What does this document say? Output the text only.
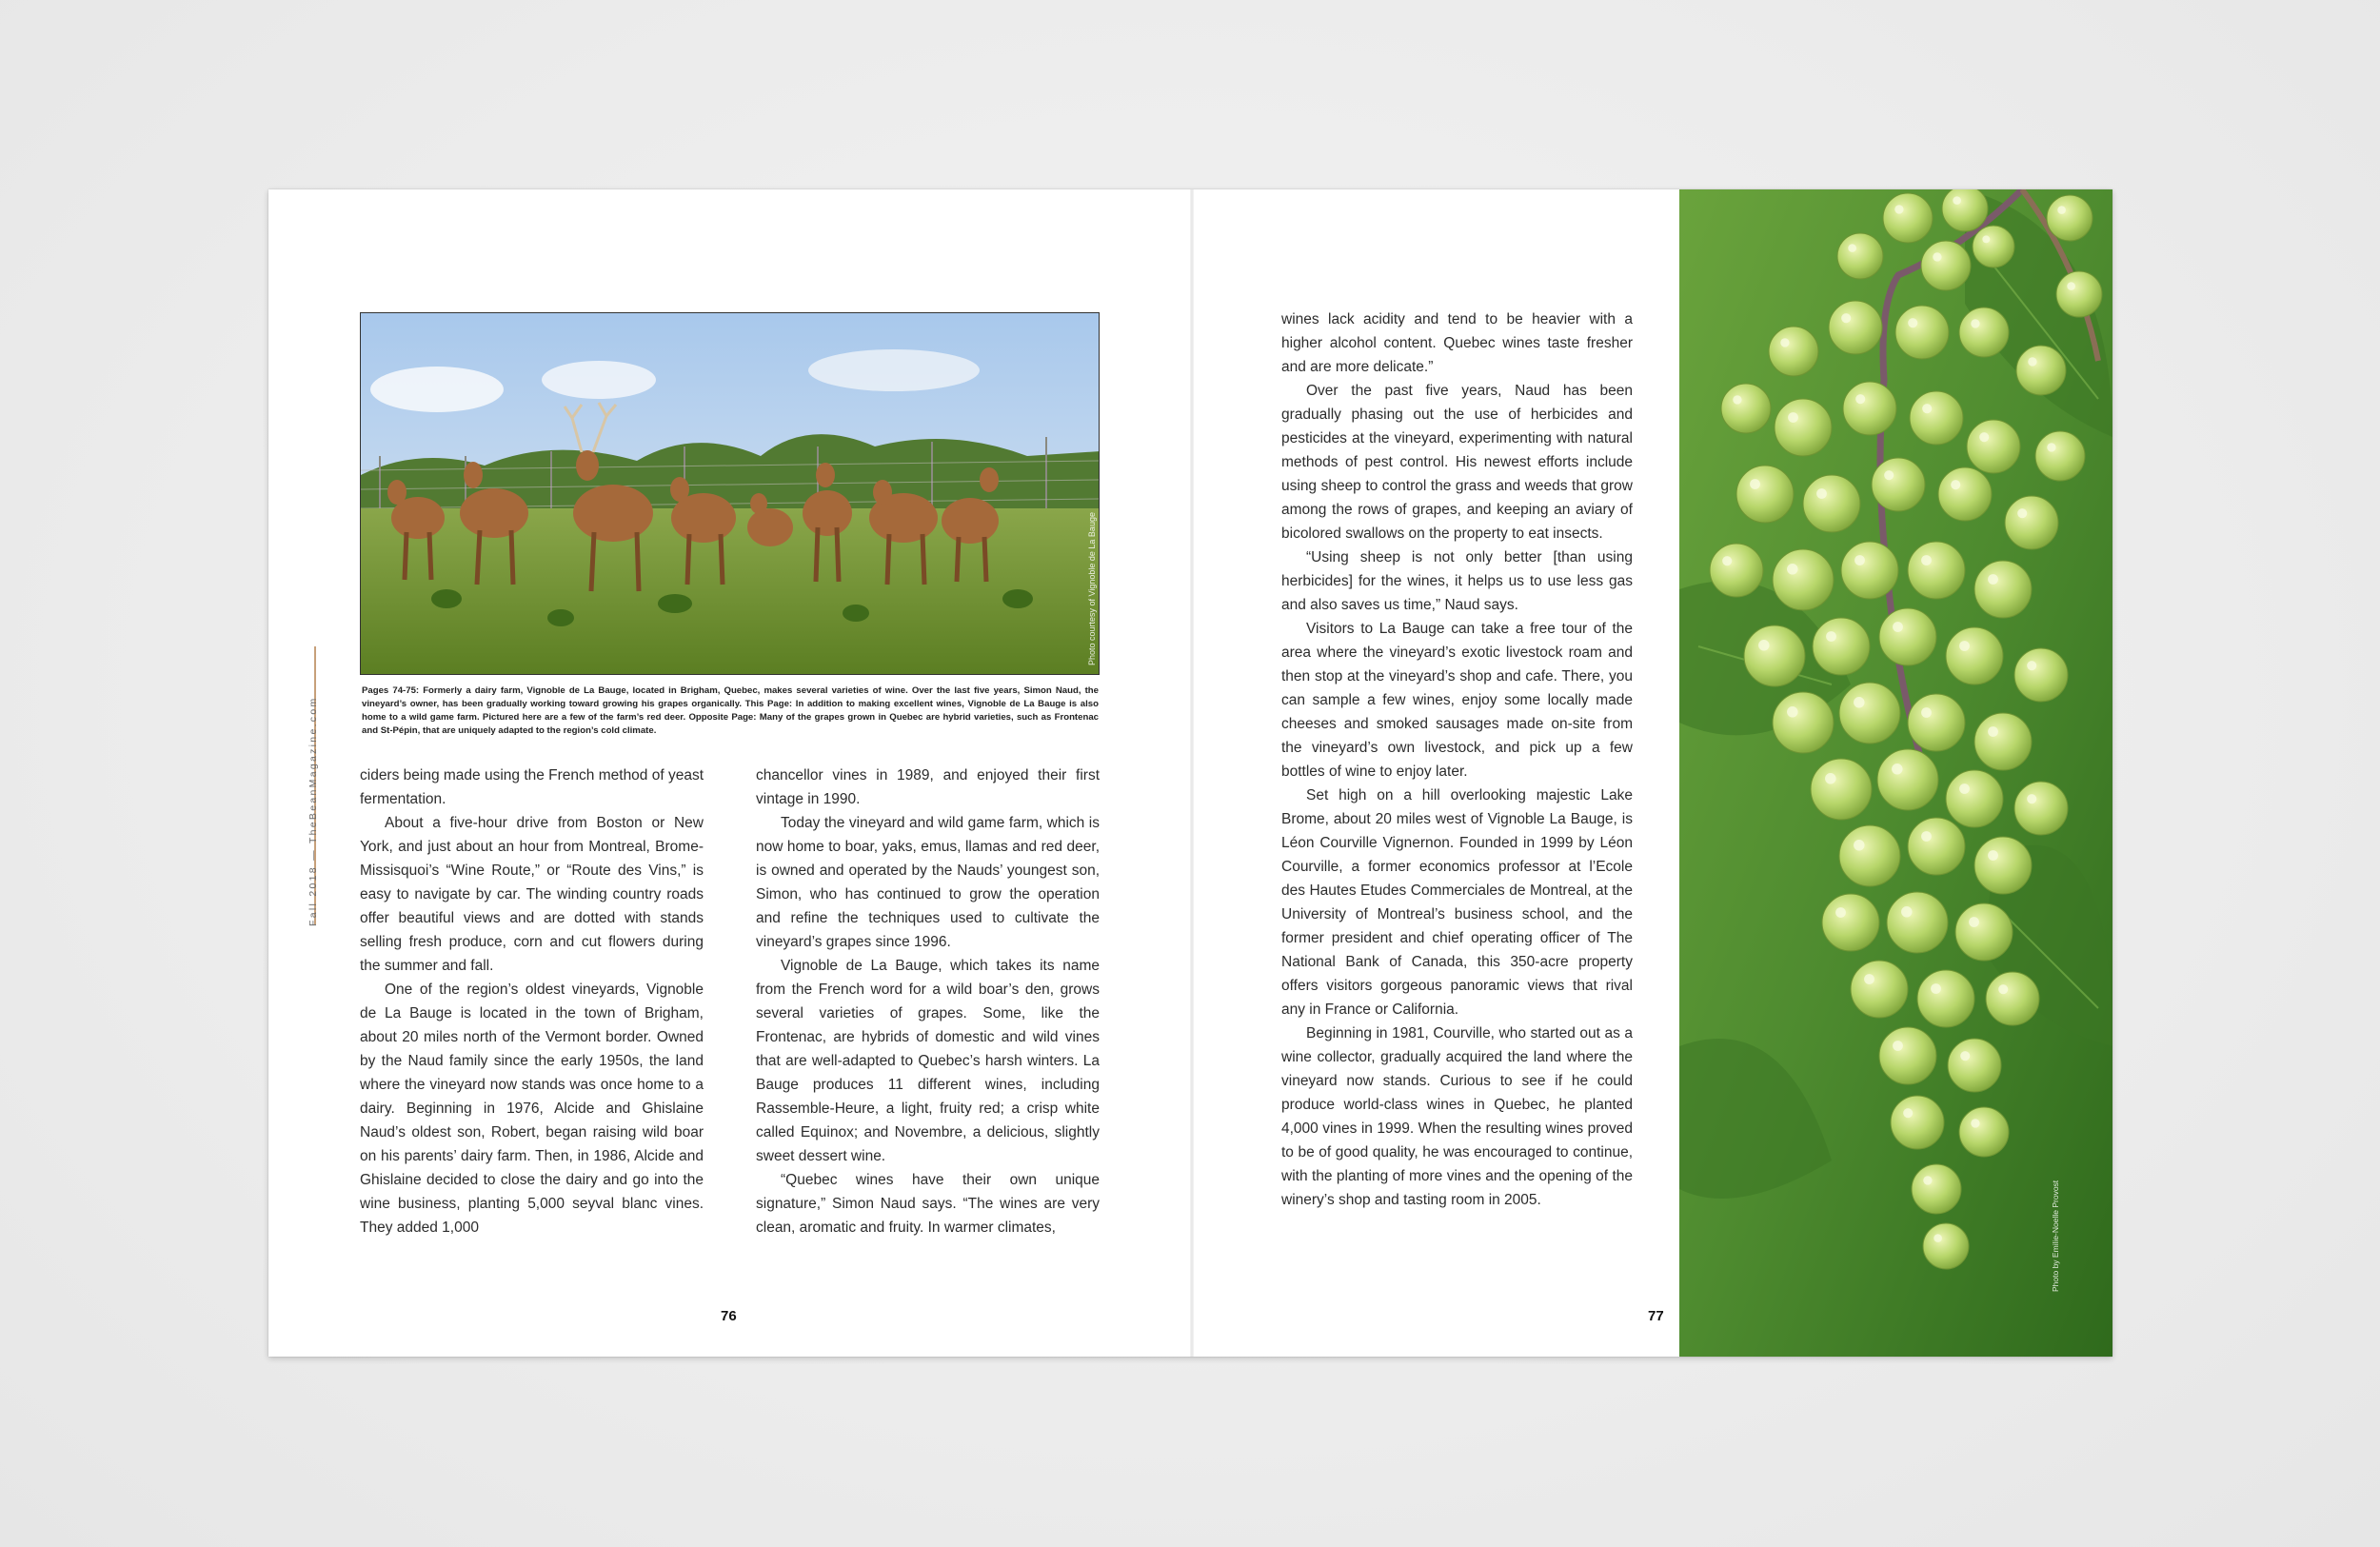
Fall 2018 — TheBeanMagazine.com
Photo courtesy of Vignoble de La Bauge
Pages 74-75: Formerly a dairy farm, Vignoble de La Bauge, located in Brigham, Quebec, makes several varieties of wine. Over the last five years, Simon Naud, the vineyard’s owner, has been gradually working toward growing his grapes organically. This Page: In addition to making excellent wines, Vignoble de La Bauge is also home to a wild game farm. Pictured here are a few of the farm’s red deer. Opposite Page: Many of the grapes grown in Quebec are hybrid varieties, such as Frontenac and St-Pépin, that are uniquely adapted to the region’s cold climate.

ciders being made using the French method of yeast fermentation.

About a five-hour drive from Boston or New York, and just about an hour from Montreal, Brome-Missisquoi’s “Wine Route,” or “Route des Vins,” is easy to navigate by car. The winding country roads offer beautiful views and are dotted with stands selling fresh produce, corn and cut flowers during the summer and fall.

One of the region’s oldest vineyards, Vignoble de La Bauge is located in the town of Brigham, about 20 miles north of the Vermont border. Owned by the Naud family since the early 1950s, the land where the vineyard now stands was once home to a dairy. Beginning in 1976, Alcide and Ghislaine Naud’s oldest son, Robert, began raising wild boar on his parents’ dairy farm. Then, in 1986, Alcide and Ghislaine decided to close the dairy and go into the wine business, planting 5,000 seyval blanc vines. They added 1,000

chancellor vines in 1989, and enjoyed their first vintage in 1990.

Today the vineyard and wild game farm, which is now home to boar, yaks, emus, llamas and red deer, is owned and operated by the Nauds’ youngest son, Simon, who has continued to grow the operation and refine the techniques used to cultivate the vineyard’s grapes since 1996.

Vignoble de La Bauge, which takes its name from the French word for a wild boar’s den, grows several varieties of grapes. Some, like the Frontenac, are hybrids of domestic and wild vines that are well-adapted to Quebec’s harsh winters. La Bauge produces 11 different wines, including Rassemble-Heure, a light, fruity red; a crisp white called Equinox; and Novembre, a delicious, slightly sweet dessert wine.

“Quebec wines have their own unique signature,” Simon Naud says. “The wines are very clean, aromatic and fruity. In warmer climates,

wines lack acidity and tend to be heavier with a higher alcohol content. Quebec wines taste fresher and are more delicate.”

Over the past five years, Naud has been gradually phasing out the use of herbicides and pesticides at the vineyard, experimenting with natural methods of pest control. His newest efforts include using sheep to control the grass and weeds that grow among the rows of grapes, and keeping an aviary of bicolored swallows on the property to eat insects.

“Using sheep is not only better [than using herbicides] for the wines, it helps us to use less gas and also saves us time,” Naud says.

Visitors to La Bauge can take a free tour of the area where the vineyard’s exotic livestock roam and then stop at the vineyard’s shop and cafe. There, you can sample a few wines, enjoy some locally made cheeses and smoked sausages made on-site from the vineyard’s own livestock, and pick up a few bottles of wine to enjoy later.

Set high on a hill overlooking majestic Lake Brome, about 20 miles west of Vignoble La Bauge, is Léon Courville Vignernon. Founded in 1999 by Léon Courville, a former economics professor at l’Ecole des Hautes Etudes Commerciales de Montreal, at the University of Montreal’s business school, and the former president and chief operating officer of The National Bank of Canada, this 350-acre property offers visitors gorgeous panoramic views that rival any in France or California.

Beginning in 1981, Courville, who started out as a wine collector, gradually acquired the land where the vineyard now stands. Curious to see if he could produce world-class wines in Quebec, he planted 4,000 vines in 1999. When the resulting wines proved to be of good quality, he was encouraged to continue, with the planting of more vines and the opening of the winery’s shop and tasting room in 2005.

76	77
Photo by Emilie-Noelle Provost
